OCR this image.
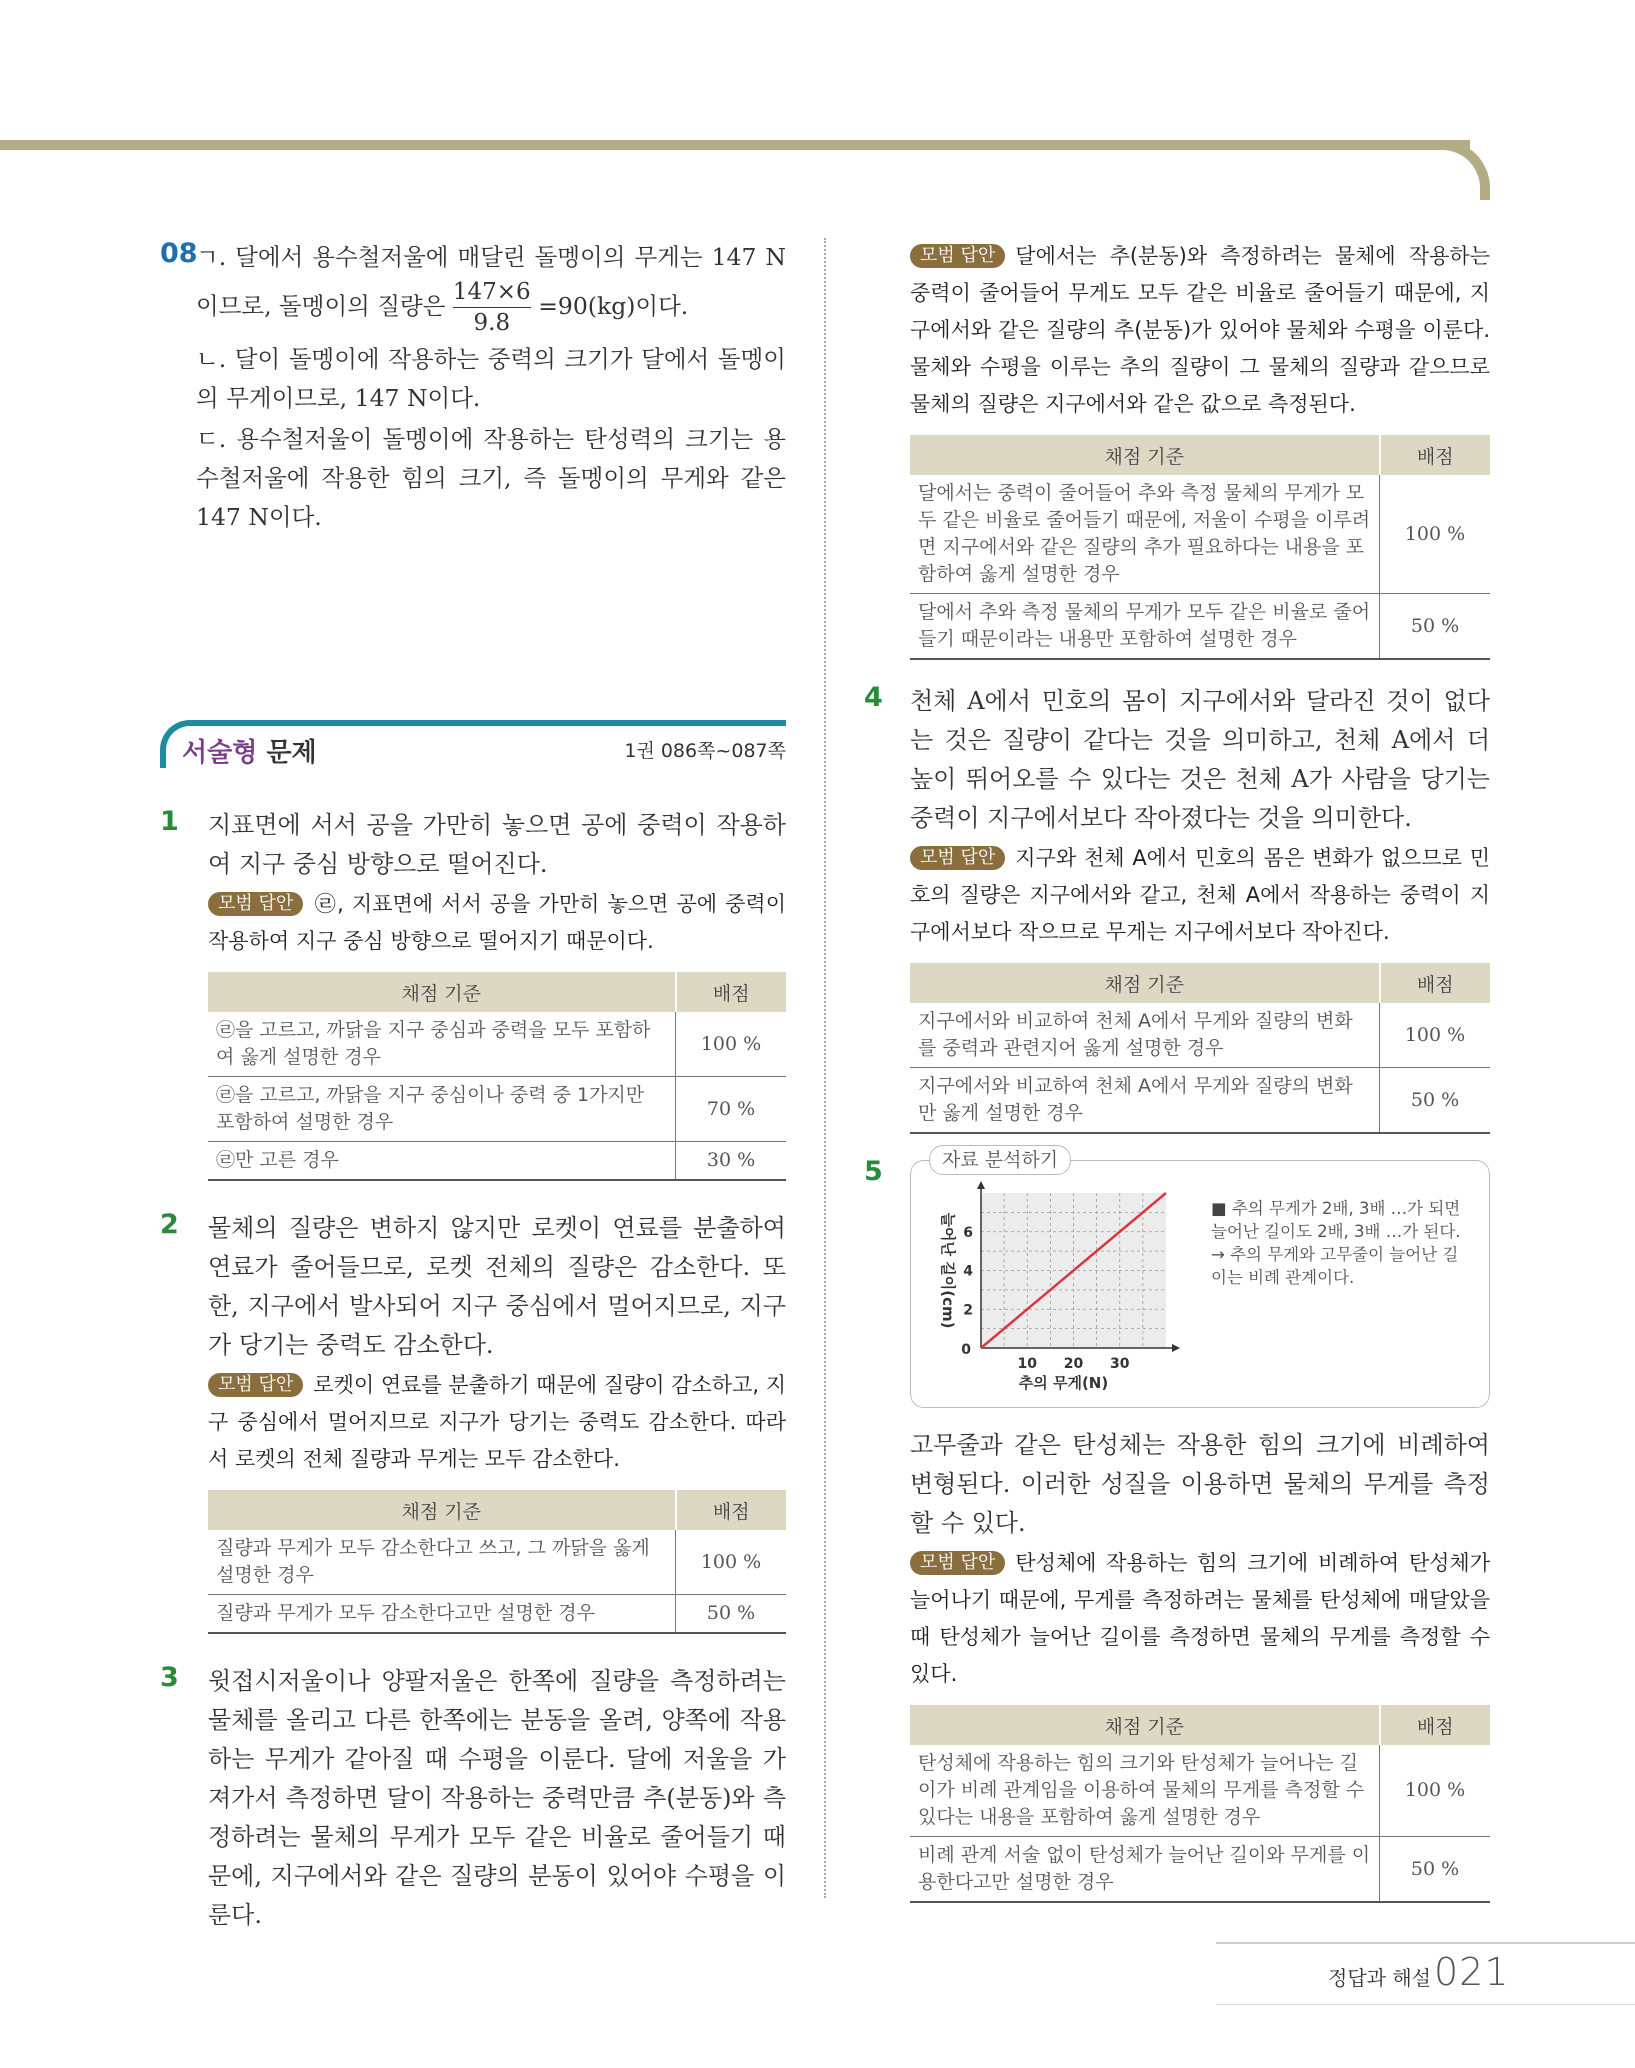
08
ㄱ. 달에서 용수철저울에 매달린 돌멩이의 무게는 147 N 이므로, 돌멩이의 질량은 $\frac{147\times 6}{9.8} =90(kg)$이다.
ㄴ. 달이 돌멩이에 작용하는 중력의 크기가 달에서 돌멩이의 무게이므로, 147 N이다.
ㄷ. 용수철저울이 돌멩이에 작용하는 탄성력의 크기는 용수철저울에 작용한 힘의 크기, 즉 돌멩이의 무게와 같은 147 N이다.
서술형 문제	1권 086쪽~087쪽
1 지표면에 서서 공을 가만히 놓으면 공에 중력이 작용하여 지구 중심 방향으로 떨어진다.
모범 답안 ㉣, 지표면에 서서 공을 가만히 놓으면 공에 중력이 작용하여 지구 중심 방향으로 떨어지기 때문이다.
채점 기준	배점
㉣을 고르고, 까닭을 지구 중심과 중력을 모두 포함하여 옳게 설명한 경우	100 %
㉣을 고르고, 까닭을 지구 중심이나 중력 중 1가지만 포함하여 설명한 경우	70 %
㉣만 고른 경우	30 %
2 물체의 질량은 변하지 않지만 로켓이 연료를 분출하여 연료가 줄어들므로, 로켓 전체의 질량은 감소한다. 또한, 지구에서 발사되어 지구 중심에서 멀어지므로, 지구가 당기는 중력도 감소한다.
모범 답안 로켓이 연료를 분출하기 때문에 질량이 감소하고, 지구 중심에서 멀어지므로 지구가 당기는 중력도 감소한다. 따라서 로켓의 전체 질량과 무게는 모두 감소한다.
채점 기준	배점
질량과 무게가 모두 감소한다고 쓰고, 그 까닭을 옳게 설명한 경우	100 %
질량과 무게가 모두 감소한다고만 설명한 경우	50 %
3 윗접시저울이나 양팔저울은 한쪽에 질량을 측정하려는 물체를 올리고 다른 한쪽에는 분동을 올려, 양쪽에 작용하는 무게가 같아질 때 수평을 이룬다. 달에 저울을 가져가서 측정하면 달이 작용하는 중력만큼 추(분동)와 측정하려는 물체의 무게가 모두 같은 비율로 줄어들기 때문에, 지구에서와 같은 질량의 분동이 있어야 수평을 이룬다.
모범 답안 달에서는 추(분동)와 측정하려는 물체에 작용하는 중력이 줄어들어 무게도 모두 같은 비율로 줄어들기 때문에, 지구에서와 같은 질량의 추(분동)가 있어야 물체와 수평을 이룬다. 물체와 수평을 이루는 추의 질량이 그 물체의 질량과 같으므로 물체의 질량은 지구에서와 같은 값으로 측정된다.
채점 기준	배점
달에서는 중력이 줄어들어 추와 측정 물체의 무게가 모두 같은 비율로 줄어들기 때문에, 저울이 수평을 이루려면 지구에서와 같은 질량의 추가 필요하다는 내용을 포함하여 옳게 설명한 경우	100 %
달에서 추와 측정 물체의 무게가 모두 같은 비율로 줄어들기 때문이라는 내용만 포함하여 설명한 경우	50 %
4 천체 A에서 민호의 몸이 지구에서와 달라진 것이 없다는 것은 질량이 같다는 것을 의미하고, 천체 A에서 더 높이 뛰어오를 수 있다는 것은 천체 A가 사람을 당기는 중력이 지구에서보다 작아졌다는 것을 의미한다.
모범 답안 지구와 천체 A에서 민호의 몸은 변화가 없으므로 민호의 질량은 지구에서와 같고, 천체 A에서 작용하는 중력이 지구에서보다 작으므로 무게는 지구에서보다 작아진다.
채점 기준	배점
지구에서와 비교하여 천체 A에서 무게와 질량의 변화를 중력과 관련지어 옳게 설명한 경우	100 %
지구에서와 비교하여 천체 A에서 무게와 질량의 변화만 옳게 설명한 경우	50 %
5	자료 분석하기
10 20 30
2
4
6
0
추의 무게(N)
늘어난 길이(cm)
■ 추의 무게가 2배, 3배 …가 되면 늘어난 길이도 2배, 3배 …가 된다. → 추의 무게와 고무줄이 늘어난 길이는 비례 관계이다.
고무줄과 같은 탄성체는 작용한 힘의 크기에 비례하여 변형된다. 이러한 성질을 이용하면 물체의 무게를 측정할 수 있다.
모범 답안 탄성체에 작용하는 힘의 크기에 비례하여 탄성체가 늘어나기 때문에, 무게를 측정하려는 물체를 탄성체에 매달았을 때 탄성체가 늘어난 길이를 측정하면 물체의 무게를 측정할 수 있다.
채점 기준	배점
탄성체에 작용하는 힘의 크기와 탄성체가 늘어나는 길이가 비례 관계임을 이용하여 물체의 무게를 측정할 수 있다는 내용을 포함하여 옳게 설명한 경우	100 %
비례 관계 서술 없이 탄성체가 늘어난 길이와 무게를 이용한다고만 설명한 경우	50 %
정답과 해설 021
